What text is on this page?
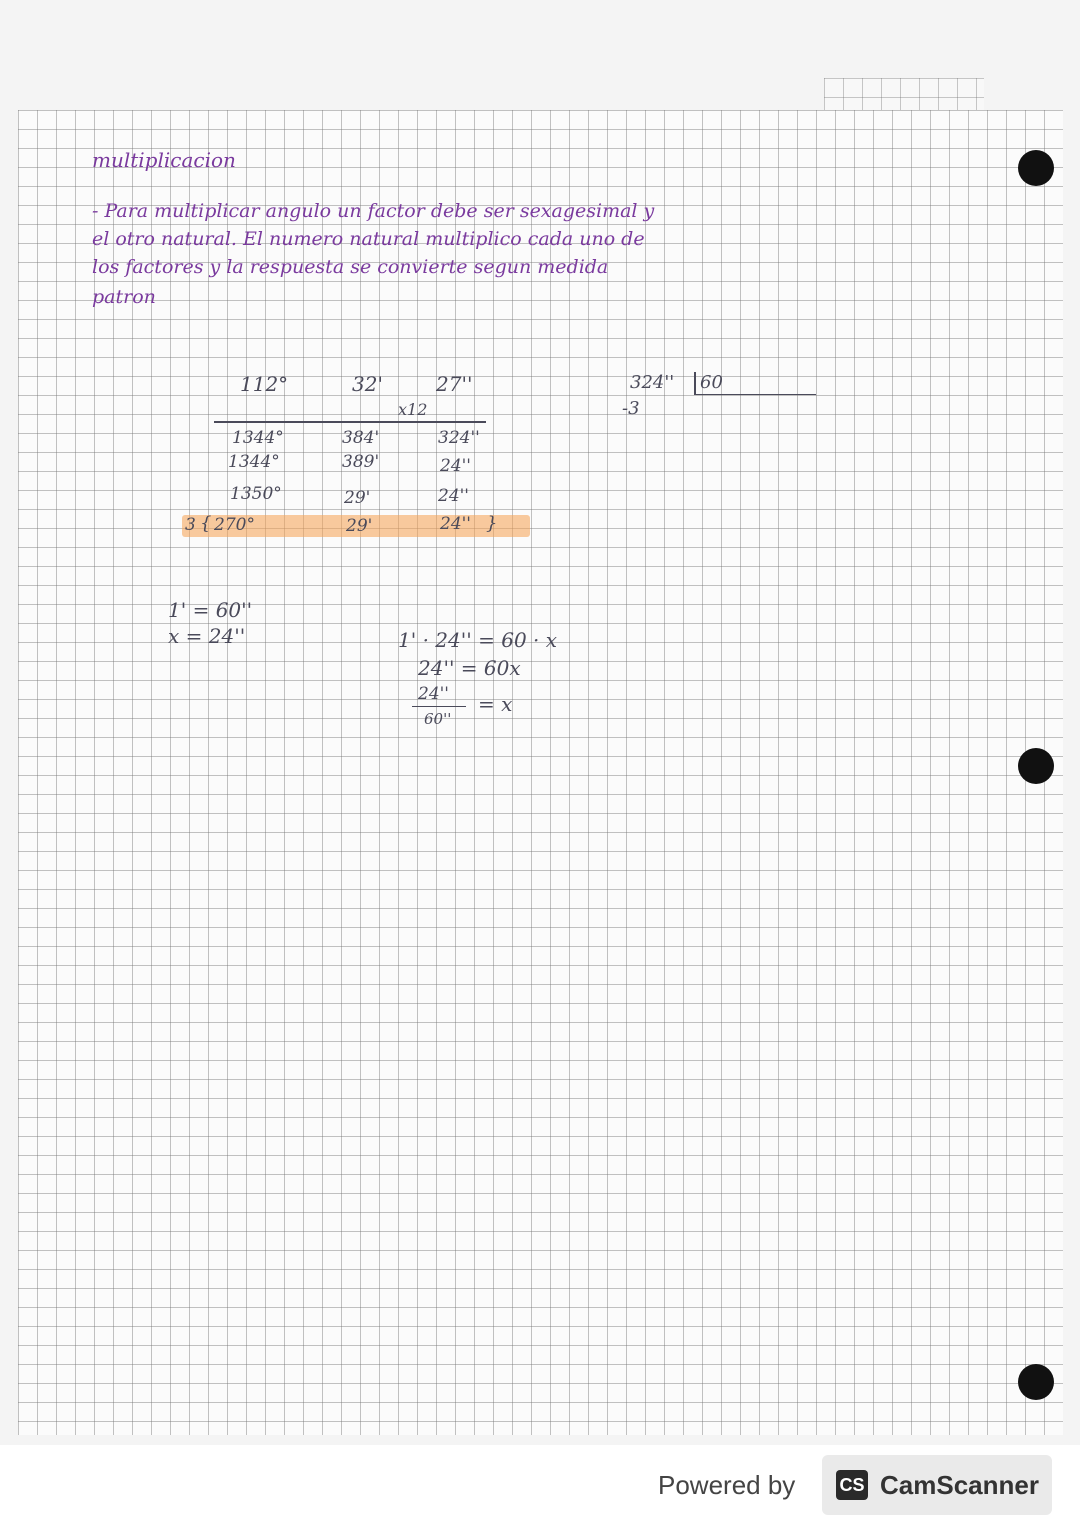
multiplicacion
- Para multiplicar angulo un factor debe ser sexagesimal y
el otro natural. El numero natural multiplico cada uno de
los factores y la respuesta se convierte segun medida
patron
112°	32'	27''
x12
1344°	384'	324''
1344°	389'	24''
1350°	29'	24''
3 { 270°	29'	24'' }
324'' 60
-3
1' = 60''
x = 24''	1' · 24'' = 60 · x
24'' = 60x
24'' = x
60''
Powered by CS CamScanner
